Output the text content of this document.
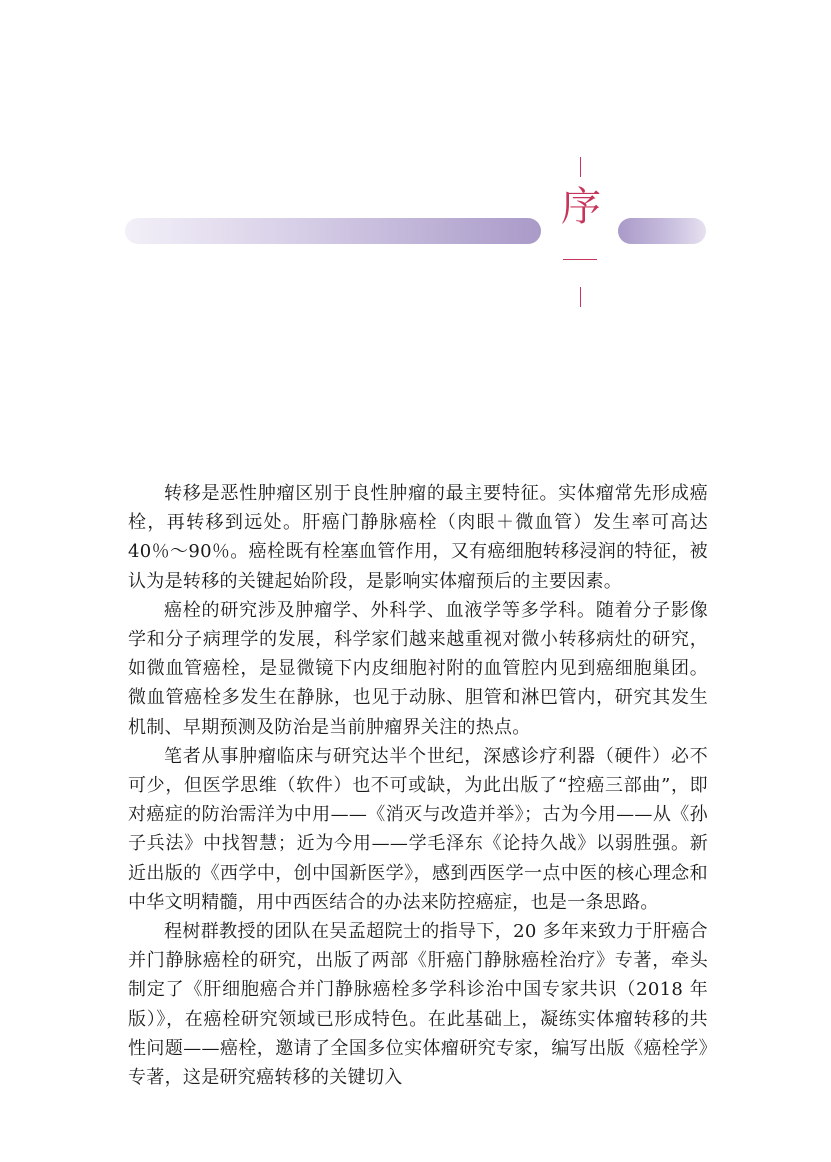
序

转移是恶性肿瘤区别于良性肿瘤的最主要特征。实体瘤常先形成癌栓，再转移到远处。肝癌门静脉癌栓（肉眼＋微血管）发生率可高达 40％～90％。癌栓既有栓塞血管作用，又有癌细胞转移浸润的特征，被认为是转移的关键起始阶段，是影响实体瘤预后的主要因素。

癌栓的研究涉及肿瘤学、外科学、血液学等多学科。随着分子影像学和分子病理学的发展，科学家们越来越重视对微小转移病灶的研究，如微血管癌栓，是显微镜下内皮细胞衬附的血管腔内见到癌细胞巢团。微血管癌栓多发生在静脉，也见于动脉、胆管和淋巴管内，研究其发生机制、早期预测及防治是当前肿瘤界关注的热点。

笔者从事肿瘤临床与研究达半个世纪，深感诊疗利器（硬件）必不可少，但医学思维（软件）也不可或缺，为此出版了“控癌三部曲”，即对癌症的防治需洋为中用——《消灭与改造并举》；古为今用——从《孙子兵法》中找智慧；近为今用——学毛泽东《论持久战》以弱胜强。新近出版的《西学中，创中国新医学》，感到西医学一点中医的核心理念和中华文明精髓，用中西医结合的办法来防控癌症，也是一条思路。

程树群教授的团队在吴孟超院士的指导下，20 多年来致力于肝癌合并门静脉癌栓的研究，出版了两部《肝癌门静脉癌栓治疗》专著，牵头制定了《肝细胞癌合并门静脉癌栓多学科诊治中国专家共识（2018 年版）》，在癌栓研究领域已形成特色。在此基础上，凝练实体瘤转移的共性问题——癌栓，邀请了全国多位实体瘤研究专家，编写出版《癌栓学》专著，这是研究癌转移的关键切入
